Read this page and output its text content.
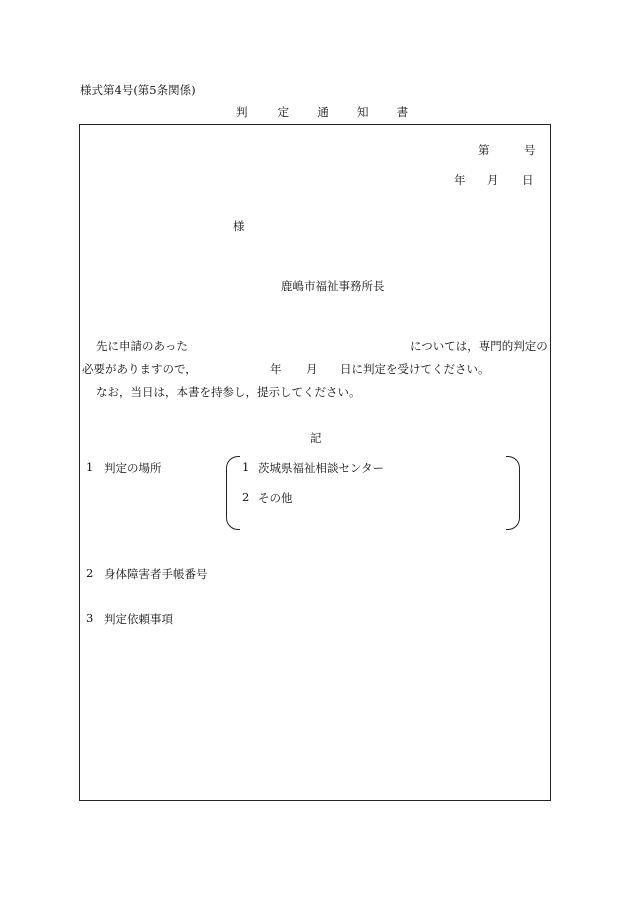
様式第4号(第5条関係)
判	定 通 知 書
第	号
年 月 日
様
鹿嶋市福祉事務所長
先に申請のあった	については，専門的判定の
必要がありますので，	年 月 日に判定を受けてください。
なお，当日は，本書を持参し，提示してください。
記
1 判定の場所	1 茨城県福祉相談センター
2 その他
2 身体障害者手帳番号
3 判定依頼事項
